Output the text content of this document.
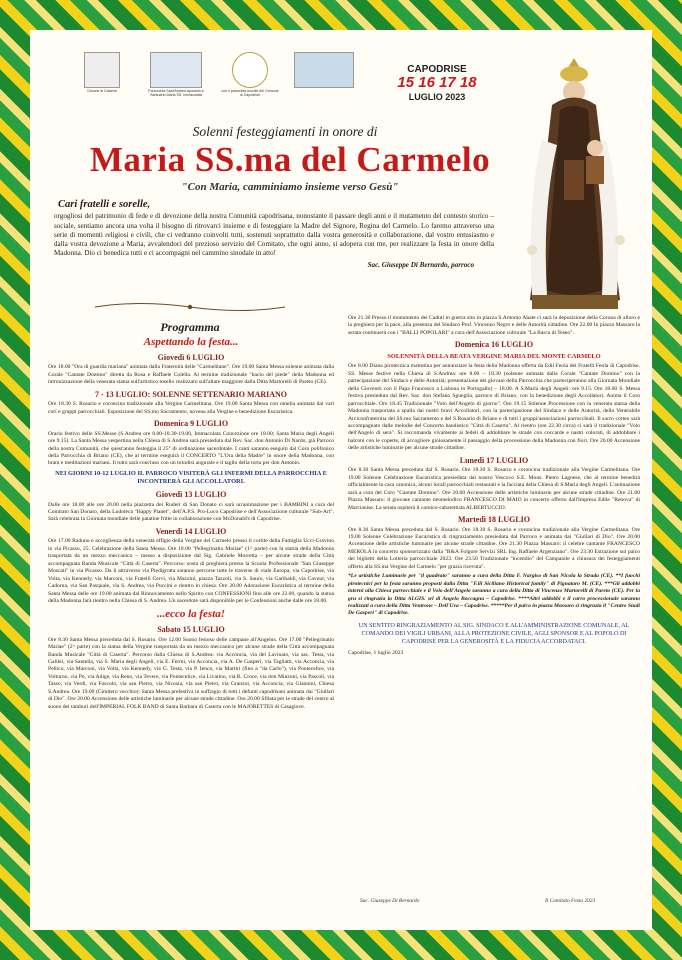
Diocesi di Caserta	Parrocchia Sant'Andrea Apostolo e Santuario Maria SS. Immacolata
con il patrocinio morale del Comune di Capodrise
CAPODRISE
15 16 17 18
LUGLIO 2023
Solenni festeggiamenti in onore di
Maria SS.ma del Carmelo
"Con Maria, camminiamo insieme verso Gesù"
Cari fratelli e sorelle,
orgogliosi del patrimonio di fede e di devozione della nostra Comunità capodrisana, nonostante il passare degli anni e il mutamento del contesto storico – sociale, sentiamo ancora una volta il bisogno di ritrovarci insieme e di festeggiare la Madre del Signore, Regina del Carmelo. Lo faremo attraverso una serie di momenti religiosi e civili, che ci vedranno coinvolti tutti, sostenuti soprattutto dalla vostra generosità e collaborazione, dal vostro entusiasmo e dalla vostra devozione a Maria, avvalendoci del prezioso servizio del Comitato, che ogni anno, si adopera con me, per realizzare la festa in onore della Madonna. Dio ci benedica tutti e ci accompagni nel cammino sinodale in atto!
Sac. Giuseppe Di Bernardo, parroco
Programma
Aspettando la festa...
Giovedì 6 LUGLIO

Ore 18.00 "Ora di guardia mariana" animata dalla Fraternità delle "Carmelitane". Ore 19.00 Santa Messa solenne animata dalla Corale "Cantate Domino" diretta da Rosa e Raffaele Colella. Al termine tradizionale "bacio del piede" della Madonna ed intronizzazione della venerata statua sull'artistico tosello realizzato sull'altare maggiore dalla Ditta Martorelli di Pareto (CE).

7 - 13 LUGLIO: SOLENNE SETTENARIO MARIANO

Ore 18.30 S. Rosario e coroncina tradizionale alla Vergine Carmelitana. Ore 19.00 Santa Messa con omelia animata dai vari cori e gruppi parrocchiali. Esposizione del SS.mo Sacramento, novena alla Vergine e benedizione Eucaristica.

Domenica 9 LUGLIO

Orario festivo delle SS.Messe (S.Andrea ore 8.00-10.30-19.00, Immacolata Concezione ore 18.00; Santa Maria degli Angeli ore 9.15). La Santa Messa vespertina nella Chiesa di S.Andrea sarà presieduta dal Rev. Sac. don Antonio Di Nardo, già Parroco della nostra Comunità, che quest'anno festeggia il 25° di ordinazione sacerdotale. I canti saranno eseguiti dal Coro polifonico della Parrocchia di Briano (CE), che al termine eseguirà il CONCERTO "L'Ora della Madre" in onore della Madonna, con brani e meditazioni mariani. Il tutto sarà concluso con un brindisi augurale e il taglio della torta per don Antonio.

NEI GIORNI 10-12 LUGLIO IL PARROCO VISITERÀ GLI INFERMI DELLA PARROCCHIA E INCONTRERÀ GLI ACCOLLATORI.
Giovedì 13 LUGLIO

Dalle ore 18.00 alle ore 20.00 nella piazzetta dei Ruderi di San Donato ci sarà un'animazione per i BAMBINI a cura del Comitato San Donato, della Ludoteca "Happy Planet", dell'A.P.S. Pro-Loco Capodrise e dell'Associazione culturale "Sub-Art". Sarà celebrata la Giornata mondiale delle patatine fritte in collaborazione con McDonald's di Capodrise.

Venerdì 14 LUGLIO

Ore 17.00 Raduno e accoglienza della venerata effigie della Vergine del Carmelo presso il cortile della Famiglia Ucci-Gravino in via Picasso, 25. Celebrazione della Santa Messa. Ore 18.00 "Pellegrinatio Mariae" (1^ parte) con la statua della Madonna trasportata da un mezzo meccanico – messo a disposizione dal Sig. Gabriele Morretta – per alcune strade della Città accompagnata Banda Musicale "Città di Caserta". Percorso: sosta di preghiera presso la Scuola Professionale "San Giuseppe Moscati" in via Picasso. Da lì attraverso via Piedigrotta saranno percorse tutte le traverse di viale Europa, via Capodrise, via Volta, via Kennedy, via Marconi, via Fratelli Cervi, via Mazzini, piazza Tazzoli, via S. Sauro, via Garibaldi, via Cavour, via Cadorna, via San Pasquale, via S. Andrea, via Puccini e rientro in chiesa. Ore 20.00 Adorazione Eucaristica al termine della Santa Messa delle ore 19.00 animata dal Rinnovamento nello Spirito con CONFESSIONI fino alle ore 22.00, quando la statua della Madonna farà rientro nella Chiesa di S. Andrea. Un sacerdote sarà disponibile per le Confessioni anche dalle ore 18.00.

...ecco la festa!
Sabato 15 LUGLIO

Ore 8.30 Santa Messa preceduta dal S. Rosario. Ore 12.00 Suono festoso delle campane all'Angelus. Ore 17.00 "Pellegrinatio Mariae" (2^ parte) con la statua della Vergine trasportata da un mezzo meccanico per alcune strade della Città accompagnata Banda Musicale "Città di Caserta". Percorso dalla Chiesa di S.Andrea: via Acconcia, via del Lavinaio, via sac. Testa, via Galilei, via Santella, via S. Maria degli Angeli, via E. Fermi, via Acconcia, via A. De Gasperi, via Tagliatti, via Acconcia, via Pellico, via Marconi, via Volta, via Kennedy, via G. Testa, via P. Ienco, via Martiri (fino a "da Carlo"), via Pontecelice, via Volturno, via Po, via Adige, via Reno, via Tevere, via Pontecelice, via Livatino, via B. Croce, via don Minzoni, via Pascoli, via Tasso, via Verdi, via Foscolo, via san Pietro, via Nicosia, via san Pietro, via Granzoi, via Acconcia, via Giannini, Chiesa S.Andrea. Ore 19.00 (Cimitero vecchio): Santa Messa prefestiva in suffragio di tutti i defunti capodrisani animata dai "Giullari di Dio". Ore 20.00 Accensione delle artistiche luminarie per alcune strade cittadine. Ore 20.00 Sfilata per le strade del centro al suono dei tamburi dell'IMPERIAL FOLK BAND di Santa Barbara di Caserta con le MAJORETTES di Casagiove.

Ore 21.30 Presso il monumento dei Caduti in guerra sito in piazza S.Antonio Abate ci sarà la deposizione della Corona di alloro e la preghiera per la pace, alla presenza del Sindaco Prof. Vincenzo Negro e delle Autorità cittadine. Ore 22.00 In piazza Massaro la serata continuerà con i "BALLI POPOLARI" a cura dell'Associazione culturale "La Barca di Teseo".

Domenica 16 LUGLIO
SOLENNITÀ DELLA BEATA VERGINE MARIA DEL MONTE CARMELO

Ore 8.00 Diana pirotecnica mattutina per annunziare la festa della Madonna offerta da Edil Feola dei Fratelli Feola di Capodrise. SS. Messe festive nella Chiesa di S.Andrea: ore 8.00 – 18.30 (solenne animata dalla Corale "Cantate Domino" con la partecipazione del Sindaco e delle Autorità; presentazione dei giovani della Parrocchia che parteciperanno alla Giornata Mondiale della Gioventù con il Papa Francesco a Lisbona in Portogallo) – 18.00. A S.Maria degli Angeli: ore 9.15. Ore 18.00 S. Messa festiva presieduta dal Rev. Sac. don Stefano Sgueglia, parroco di Briano, con la benedizione degli Accollatori. Anima il Coro parrocchiale. Ore 18.45 Tradizionale "Volo dell'Angelo di giorno". Ore 19.15 Solenne Processione con la venerata statua della Madonna trasportata a spalla dai nostri bravi Accollatori, con la partecipazione del Sindaco e delle Autorità, della Venerabile Arciconfraternita del SS.mo Sacramento e del S.Rosario di Briano e di tutti i gruppi/associazioni parrocchiali. Il sacro corteo sarà accompagnato dalle melodie del Concerto bandistico "Città di Caserta". Al rientro (ore 22.30 circa) ci sarà il tradizionale "Volo dell'Angelo di sera". Si raccomanda vivamente ai fedeli di addobbare le strade con coccarde e nastri colorati, di addobbare i balconi con le coperte, di accogliere gioiosamente il passaggio della processione della Madonna con fiori. Ore 20.00 Accensione delle artistiche luminarie per alcune strade cittadine.

Lunedì 17 LUGLIO

Ore 8.30 Santa Messa preceduta dal S. Rosario. Ore 18.30 S. Rosario e coroncina tradizionale alla Vergine Carmelitana. Ore 19.00 Solenne Celebrazione Eucaristica presieduta dal nostro Vescovo S.E. Mons. Pietro Lagnese, che al termine benedirà ufficialmente la casa canonica, alcuni locali parrocchiali restaurati e la facciata della Chiesa di S.Maria degli Angeli. L'animazione sarà a cura del Coro "Cantate Domino". Ore 20.00 Accensione delle artistiche luminarie per alcune strade cittadine. Ore 21.00 Piazza Massaro: il giovane cantante neomelodico FRANCESCO DI MAIO in concerto offerto dall'Impresa Edile "Renova" di Marcianise. La serata ospiterà il comico-cabarettista ALBERTUCCIO.

Martedì 18 LUGLIO

Ore 8.30 Santa Messa preceduta dal S. Rosario. Ore 18.30 S. Rosario e coroncina tradizionale alla Vergine Carmelitana. Ore 19.00 Solenne Celebrazione Eucaristica di ringraziamento presieduta dal Parroco e animata dai "Giullari di Dio". Ore 20.00 Accensione delle artistiche luminarie per alcune strade cittadine. Ore 21.30 Piazza Massaro: il celebre cantante FRANCESCO MEROLA in concerto sponsorizzato dalla "R&A Folgore Servizi SRL Ing. Raffaele Argenziano". Ore 23.30 Estrazione sul palco dei biglietti della Lotteria parrocchiale 2023. Ore 23.50 Tradizionale "incendio" del Campanile a chiusura dei festeggiamenti offerto alla SS.ma Vergine del Carmelo "per grazia ricevuta".

*Le artistiche Luminarie per "il quadrato" saranno a cura della Ditta F. Nargiso di San Nicola la Strada (CE). **I fuochi pirotecnici per la festa saranno proposti dalla Ditta "F.lli Siciliano Historical family" di Pignataro M. (CE). ***Gli addobbi interni alla Chiesa parrocchiale e il Volo dell'Angelo saranno a cura della Ditta di Vincenzo Martorelli di Pareto (CE). Per la gru si ringrazia la Ditta ALGIS. srl di Angelo Boccagna – Capodrise. ****Altri addobbi e il carro processionale saranno realizzati a cura della Ditta Ventrone – Dell'Uva – Capodrise. *****Per il palco in piazza Massaro si ringrazia il "Centro Studi De Gasperi" di Capodrise.

UN SENTITO RINGRAZIAMENTO AL SIG. SINDACO E ALL'AMMINISTRAZIONE COMUNALE, AL COMANDO DEI VIGILI URBANI, ALLA PROTEZIONE CIVILE, AGLI SPONSOR E AL POPOLO DI CAPODRISE PER LA GENEROSITÀ E LA FIDUCIA ACCORDATACI.

Capodrise, 1 luglio 2023

Sac. Giuseppe Di Bernardo	Il Comitato Festa 2023
